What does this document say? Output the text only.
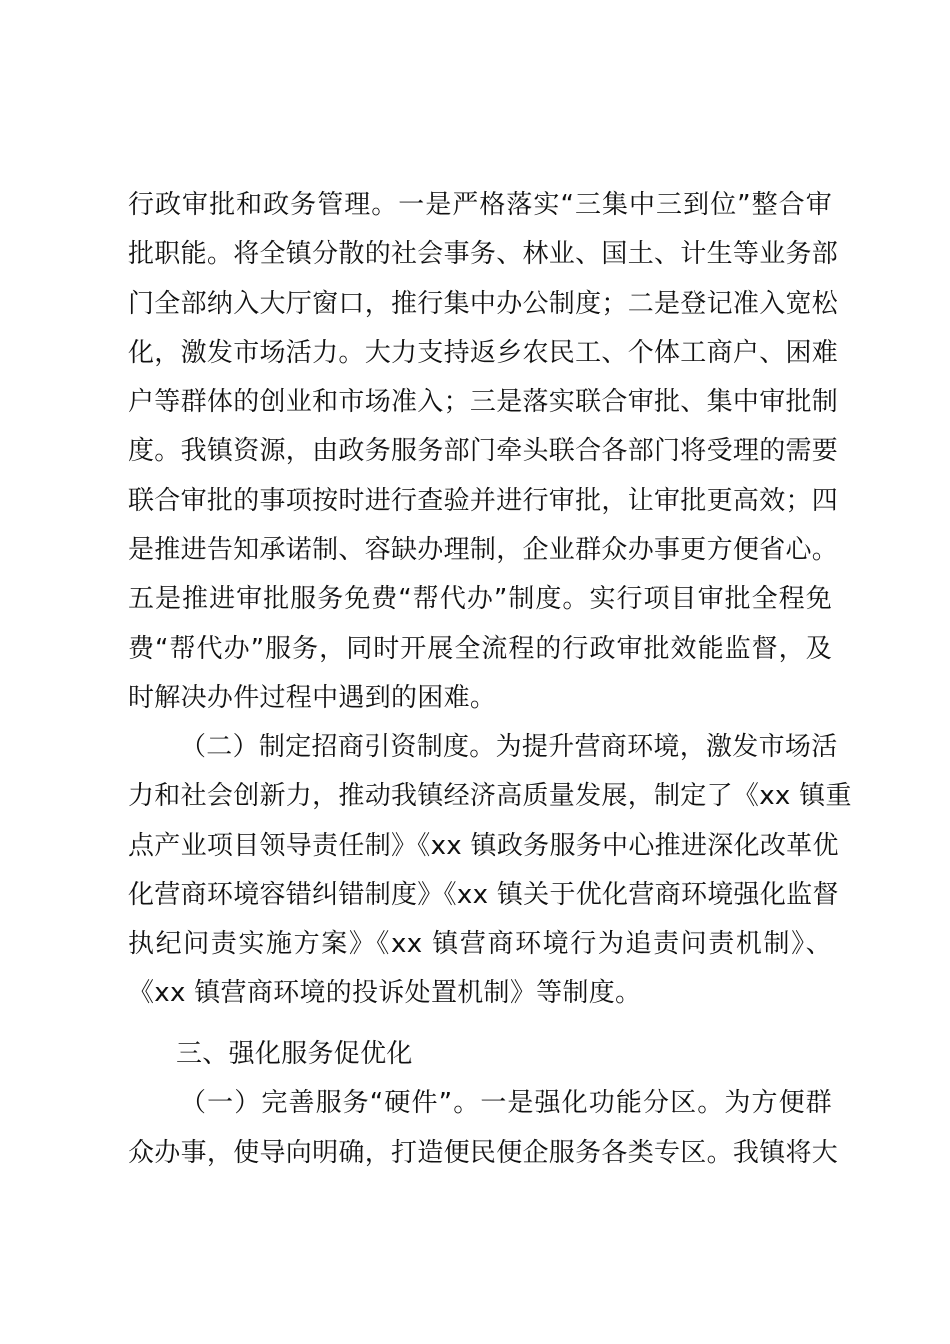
行政审批和政务管理。一是严格落实“三集中三到位”整合审
批职能。将全镇分散的社会事务、林业、国土、计生等业务部
门全部纳入大厅窗口，推行集中办公制度；二是登记准入宽松
化，激发市场活力。大力支持返乡农民工、个体工商户、困难
户等群体的创业和市场准入；三是落实联合审批、集中审批制
度。我镇资源，由政务服务部门牵头联合各部门将受理的需要
联合审批的事项按时进行查验并进行审批，让审批更高效；四
是推进告知承诺制、容缺办理制，企业群众办事更方便省心。
五是推进审批服务免费“帮代办”制度。实行项目审批全程免
费“帮代办”服务，同时开展全流程的行政审批效能监督，及
时解决办件过程中遇到的困难。
（二）制定招商引资制度。为提升营商环境，激发市场活
力和社会创新力，推动我镇经济高质量发展，制定了《xx 镇重
点产业项目领导责任制》《xx 镇政务服务中心推进深化改革优
化营商环境容错纠错制度》《xx 镇关于优化营商环境强化监督
执纪问责实施方案》《xx 镇营商环境行为追责问责机制》、
《xx 镇营商环境的投诉处置机制》等制度。
三、强化服务促优化
（一）完善服务“硬件”。一是强化功能分区。为方便群
众办事，使导向明确，打造便民便企服务各类专区。我镇将大
